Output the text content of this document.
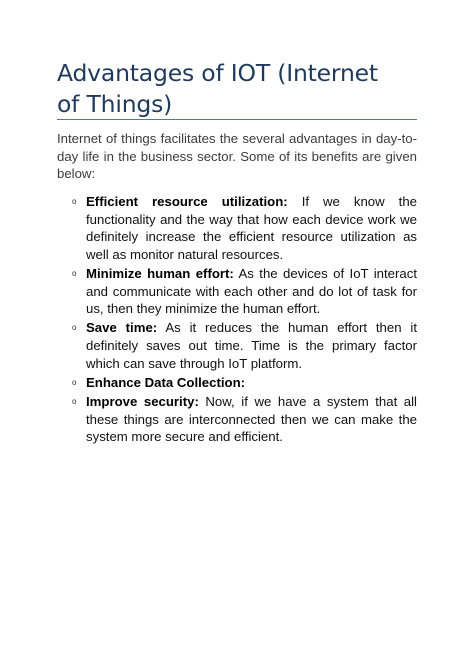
Advantages of IOT (Internet of Things)

Internet of things facilitates the several advantages in day-to-day life in the business sector. Some of its benefits are given below:

o Efficient resource utilization: If we know the functionality and the way that how each device work we definitely increase the efficient resource utilization as well as monitor natural resources.
o Minimize human effort: As the devices of IoT interact and communicate with each other and do lot of task for us, then they minimize the human effort.
o Save time: As it reduces the human effort then it definitely saves out time. Time is the primary factor which can save through IoT platform.
o Enhance Data Collection:
o Improve security: Now, if we have a system that all these things are interconnected then we can make the system more secure and efficient.
